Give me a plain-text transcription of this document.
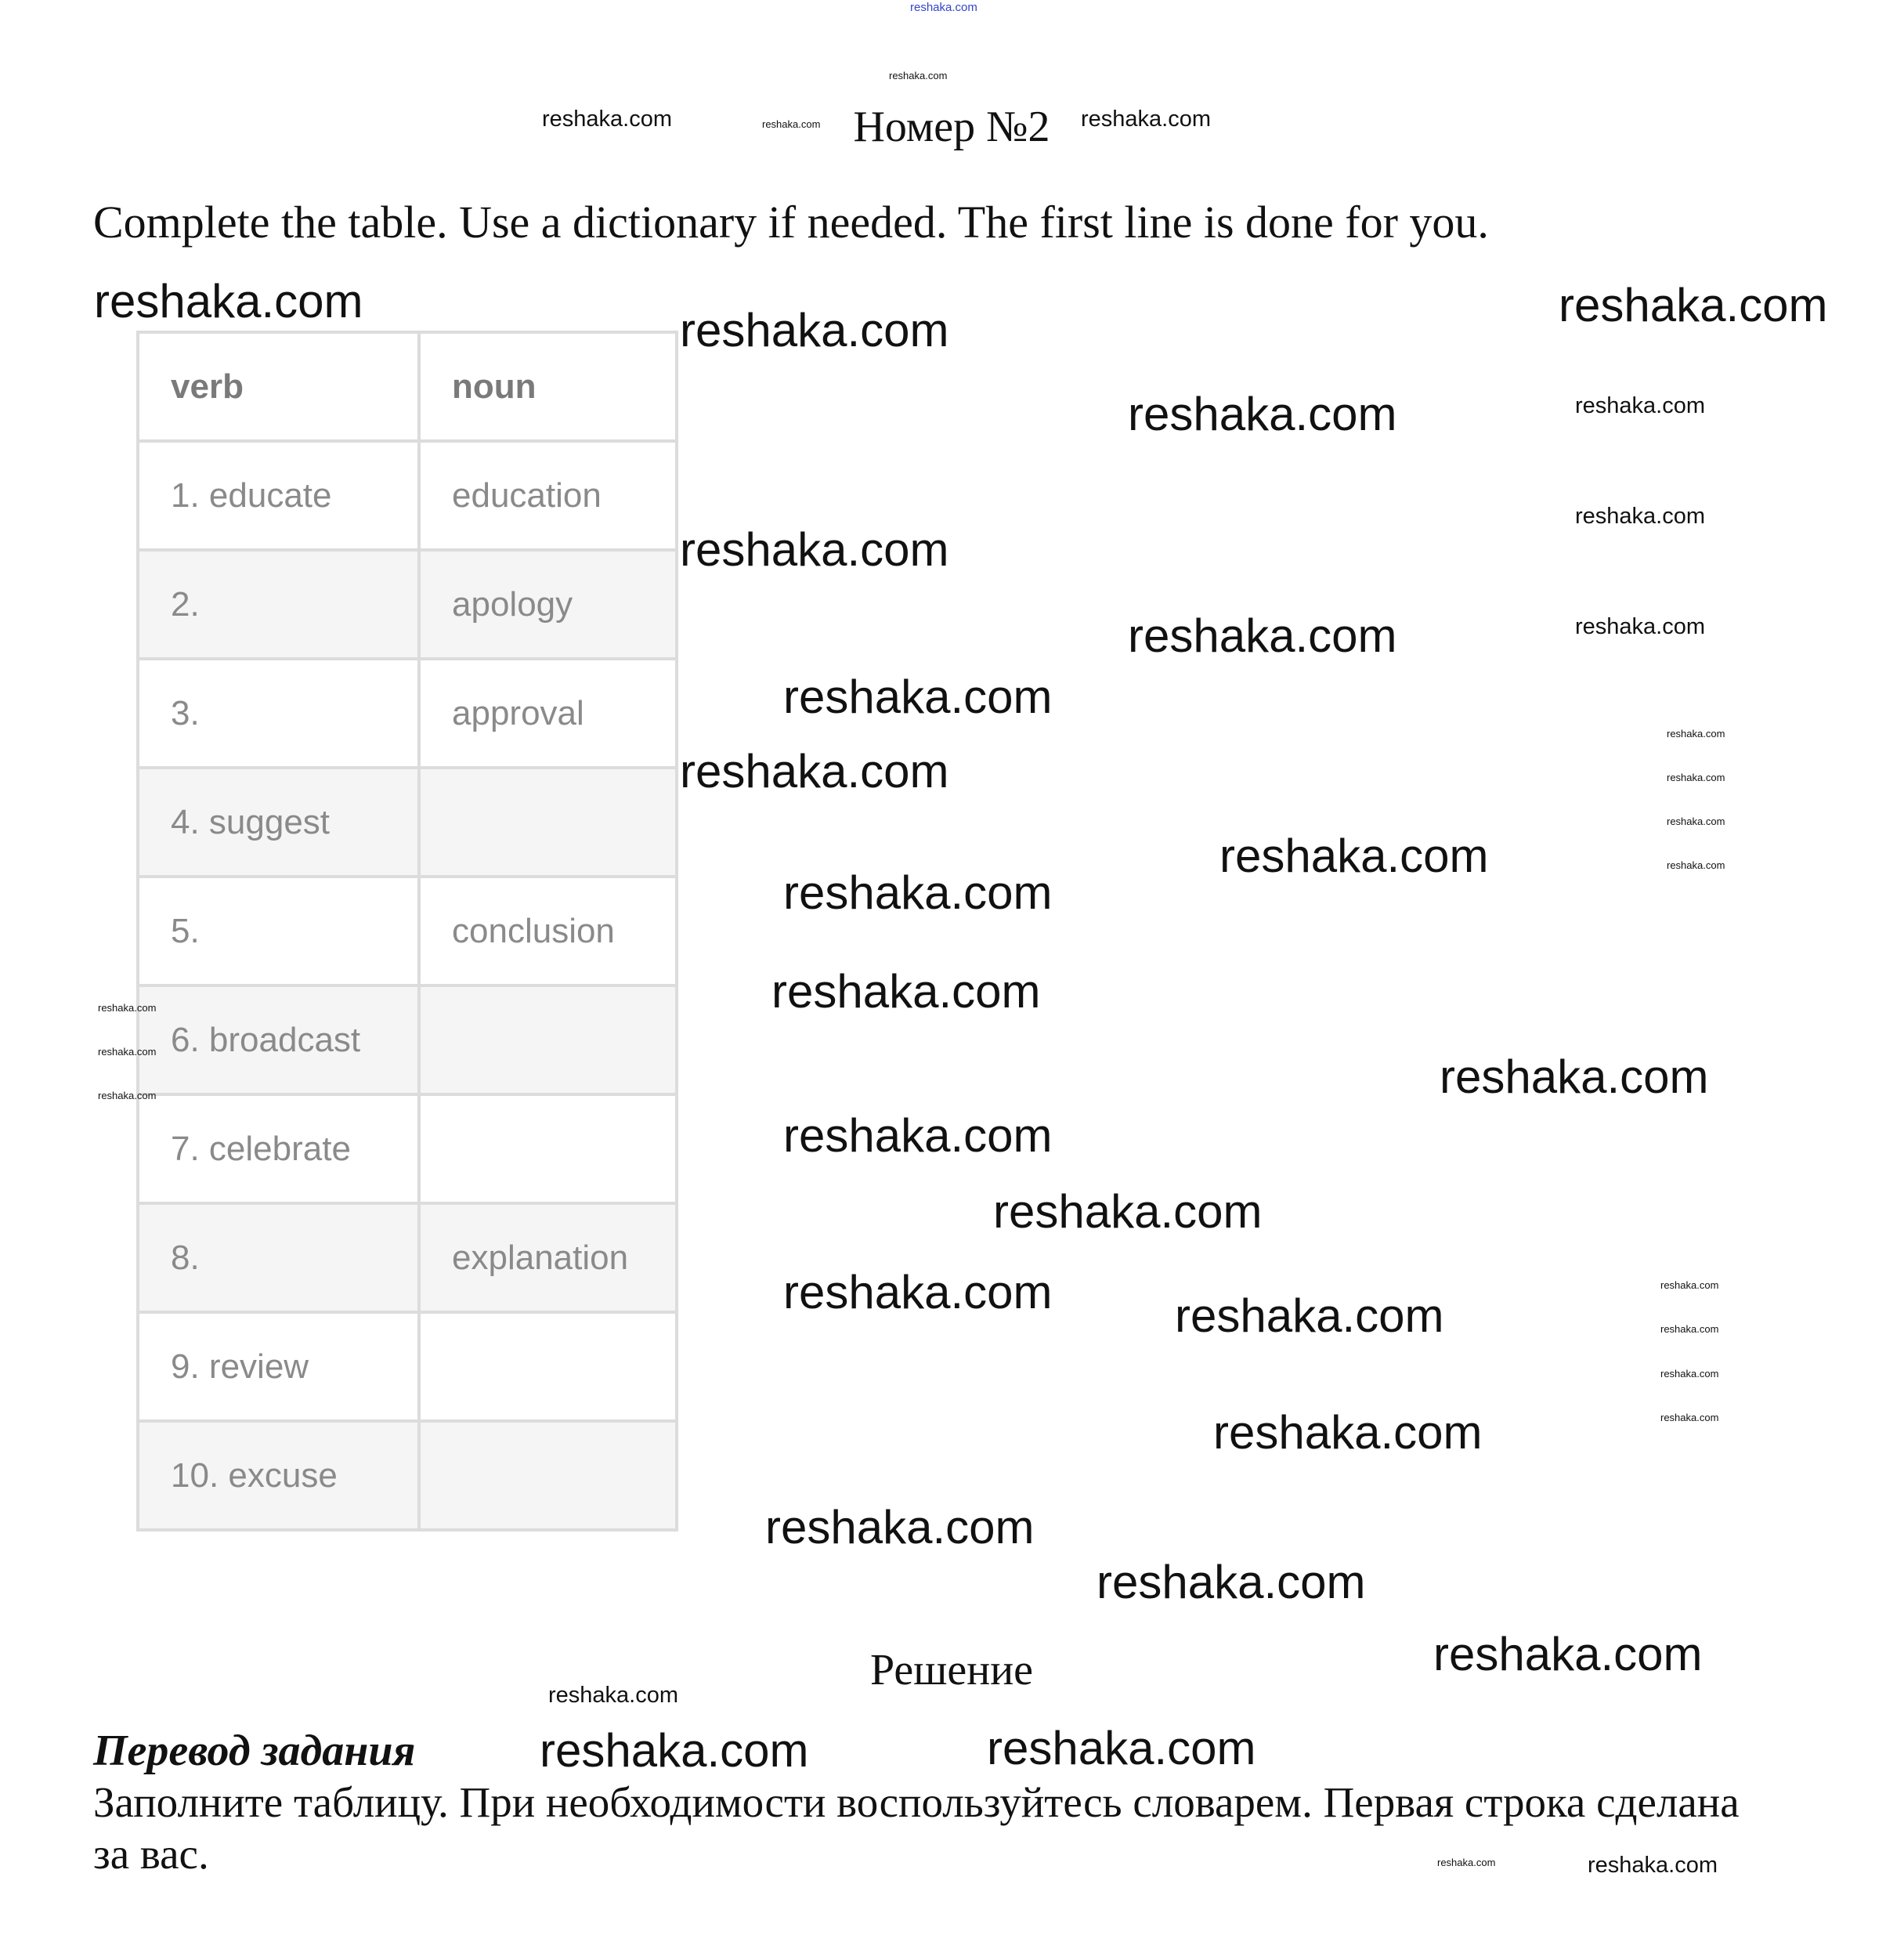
Номер №2
Complete the table. Use a dictionary if needed. The first line is done for you.
verb	noun
1. educate	education
2.	apology
3.	approval
4. suggest	
5.	conclusion
6. broadcast	
7. celebrate	
8.	explanation
9. review	
10. excuse	
Решение
Перевод задания
Заполните таблицу. При необходимости воспользуйтесь словарем. Первая строка сделана за вас.
reshaka.com
reshaka.com
reshaka.com
reshaka.com
reshaka.com
reshaka.com
reshaka.com
reshaka.com
reshaka.com
reshaka.com
reshaka.com
reshaka.com
reshaka.com
reshaka.com
reshaka.com	reshaka.com
reshaka.com
reshaka.com
reshaka.com
reshaka.com
reshaka.com	reshaka.com
reshaka.com	reshaka.com
reshaka.com
reshaka.com
reshaka.com
reshaka.com
reshaka.com
reshaka.com
reshaka.com
reshaka.com
reshaka.com
reshaka.com
reshaka.com
reshaka.com
reshaka.com
reshaka.com
reshaka.com
reshaka.com
reshaka.com
reshaka.com
reshaka.com
reshaka.com
